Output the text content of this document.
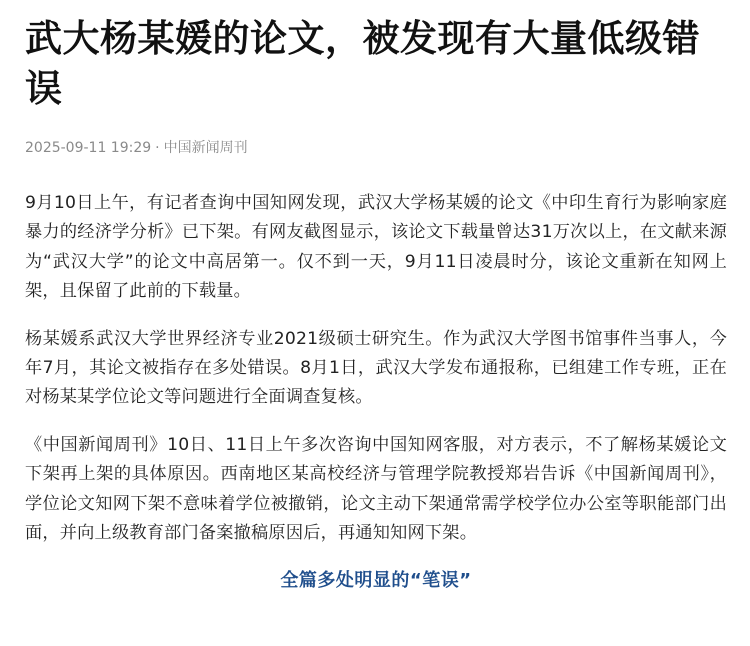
武大杨某媛的论文，被发现有大量低级错误
2025-09-11 19:29 · 中国新闻周刊

9月10日上午，有记者查询中国知网发现，武汉大学杨某媛的论文《中印生育行为影响家庭暴力的经济学分析》已下架。有网友截图显示，该论文下载量曾达31万次以上，在文献来源为“武汉大学”的论文中高居第一。仅不到一天，9月11日凌晨时分，该论文重新在知网上架，且保留了此前的下载量。

杨某媛系武汉大学世界经济专业2021级硕士研究生。作为武汉大学图书馆事件当事人，今年7月，其论文被指存在多处错误。8月1日，武汉大学发布通报称，已组建工作专班，正在对杨某某学位论文等问题进行全面调查复核。

《中国新闻周刊》10日、11日上午多次咨询中国知网客服，对方表示，不了解杨某媛论文下架再上架的具体原因。西南地区某高校经济与管理学院教授郑岩告诉《中国新闻周刊》，学位论文知网下架不意味着学位被撤销，论文主动下架通常需学校学位办公室等职能部门出面，并向上级教育部门备案撤稿原因后，再通知知网下架。

全篇多处明显的“笔误”
